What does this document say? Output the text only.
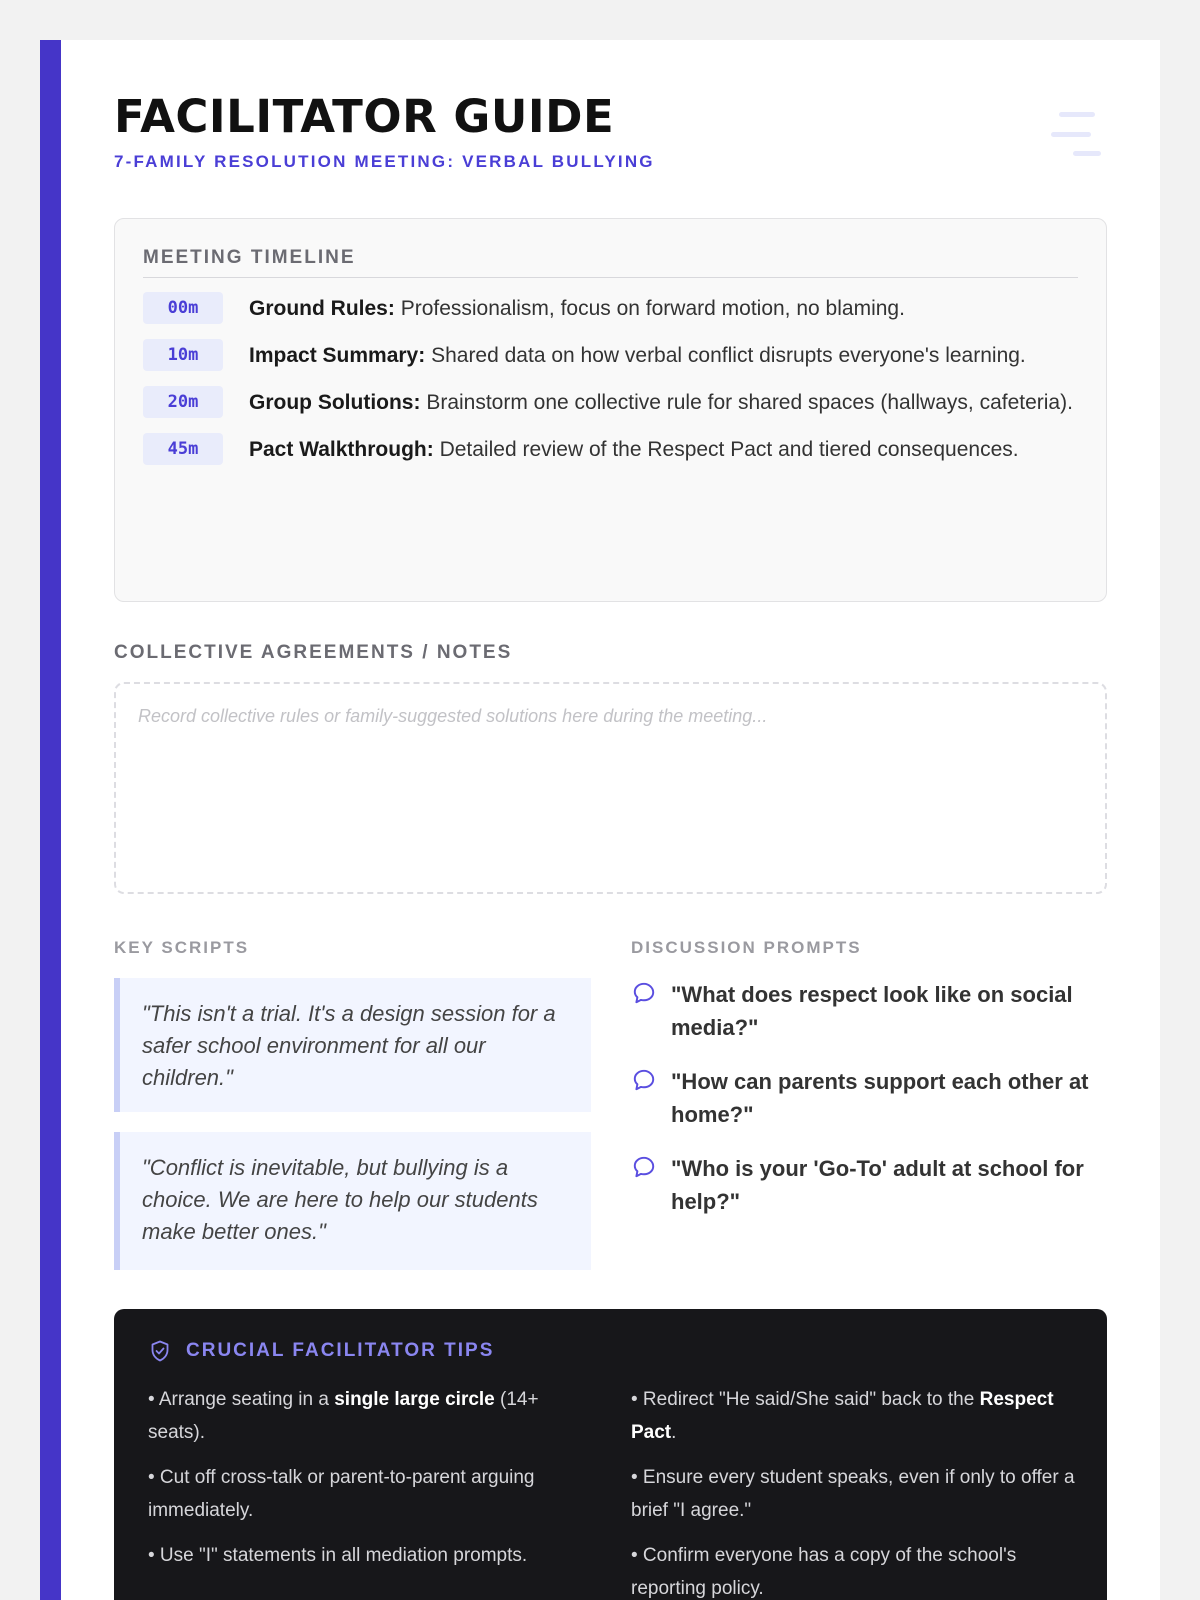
FACILITATOR GUIDE
7-FAMILY RESOLUTION MEETING: VERBAL BULLYING
MEETING TIMELINE
00m	Ground Rules: Professionalism, focus on forward motion, no blaming.
10m	Impact Summary: Shared data on how verbal conflict disrupts everyone's learning.
20m	Group Solutions: Brainstorm one collective rule for shared spaces (hallways, cafeteria).
45m	Pact Walkthrough: Detailed review of the Respect Pact and tiered consequences.
COLLECTIVE AGREEMENTS / NOTES
Record collective rules or family-suggested solutions here during the meeting...
KEY SCRIPTS
"This isn't a trial. It's a design session for a safer school environment for all our children."
"Conflict is inevitable, but bullying is a choice. We are here to help our students make better ones."
DISCUSSION PROMPTS
"What does respect look like on social media?"
"How can parents support each other at home?"
"Who is your 'Go-To' adult at school for help?"
CRUCIAL FACILITATOR TIPS
• Arrange seating in a single large circle (14+ seats).
• Cut off cross-talk or parent-to-parent arguing immediately.
• Use "I" statements in all mediation prompts.
• Redirect "He said/She said" back to the Respect Pact.
• Ensure every student speaks, even if only to offer a brief "I agree."
• Confirm everyone has a copy of the school's reporting policy.
